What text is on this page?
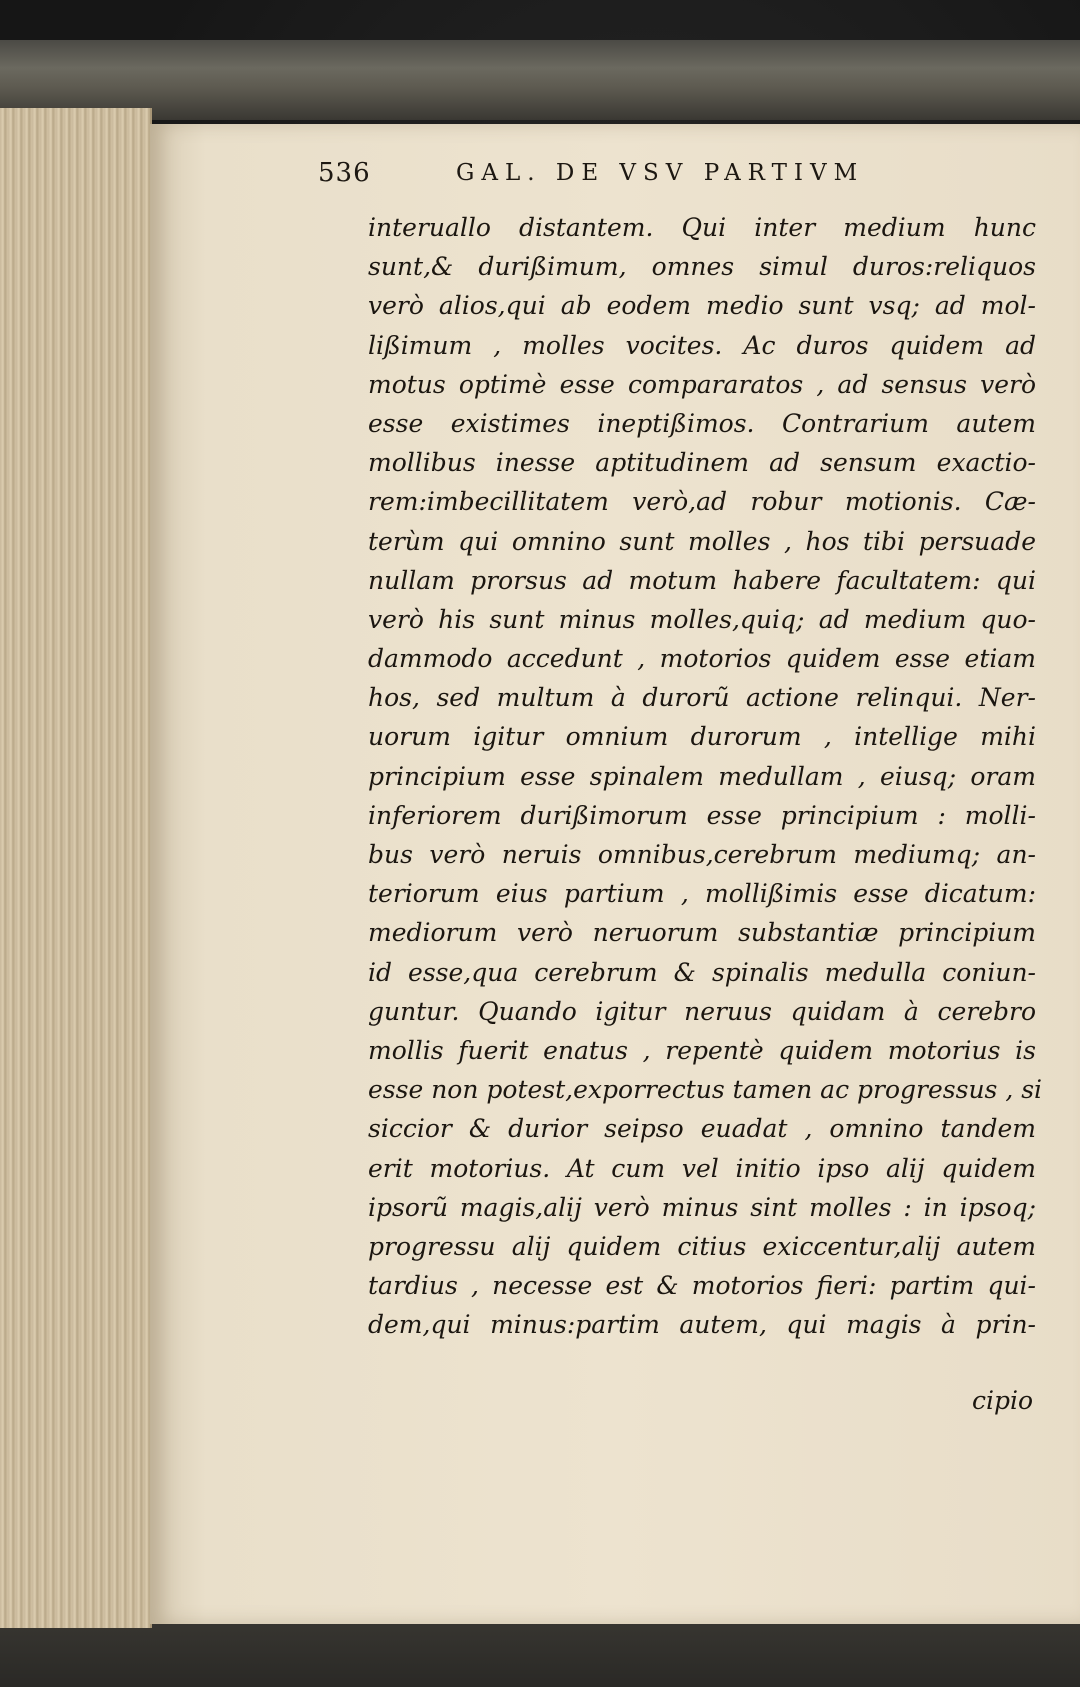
536	GAL. DE VSV PARTIVM
interuallo distantem. Qui inter medium hunc
sunt,& durißimum, omnes simul duros:reliquos
verò alios,qui ab eodem medio sunt vsq; ad mol-
lißimum , molles vocites. Ac duros quidem ad
motus optimè esse compararatos , ad sensus verò
esse existimes ineptißimos. Contrarium autem
mollibus inesse aptitudinem ad sensum exactio-
rem:imbecillitatem verò,ad robur motionis. Cæ-
terùm qui omnino sunt molles , hos tibi persuade
nullam prorsus ad motum habere facultatem: qui
verò his sunt minus molles,quiq; ad medium quo-
dammodo accedunt , motorios quidem esse etiam
hos, sed multum à durorũ actione relinqui. Ner-
uorum igitur omnium durorum , intellige mihi
principium esse spinalem medullam , eiusq; oram
inferiorem durißimorum esse principium : molli-
bus verò neruis omnibus,cerebrum mediumq; an-
teriorum eius partium , mollißimis esse dicatum:
mediorum verò neruorum substantiæ principium
id esse,qua cerebrum & spinalis medulla coniun-
guntur. Quando igitur neruus quidam à cerebro
mollis fuerit enatus , repentè quidem motorius is
esse non potest,exporrectus tamen ac progressus , si
siccior & durior seipso euadat , omnino tandem
erit motorius. At cum vel initio ipso alij quidem
ipsorũ magis,alij verò minus sint molles : in ipsoq;
progressu alij quidem citius exiccentur,alij autem
tardius , necesse est & motorios fieri: partim qui-
dem,qui minus:partim autem, qui magis à prin-
cipio
